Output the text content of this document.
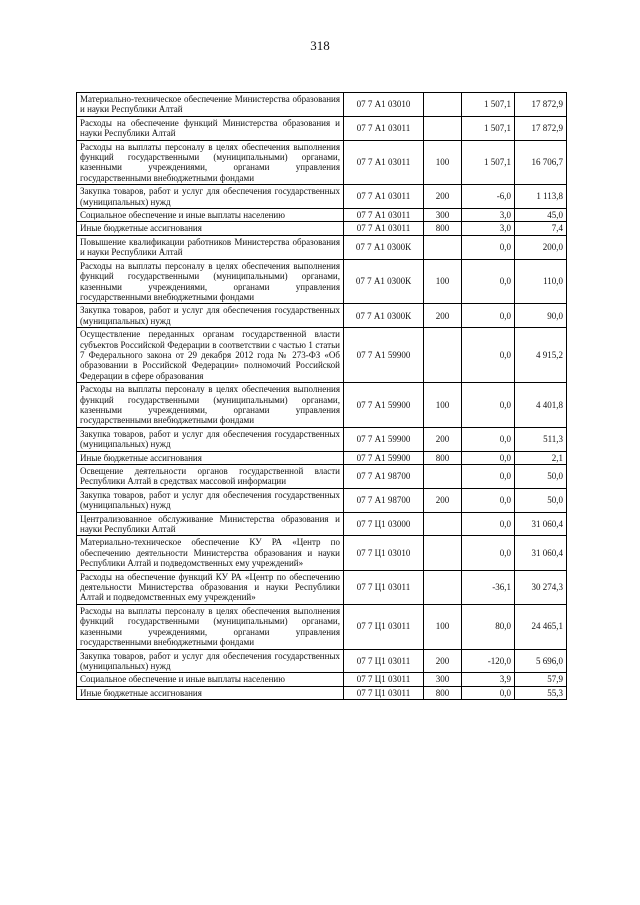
318
Материально-техническое обеспечение Министерства образования и науки Республики Алтай	07 7 А1 03010		1 507,1	17 872,9
Расходы на обеспечение функций Министерства образования и науки Республики Алтай	07 7 А1 03011		1 507,1	17 872,9
Расходы на выплаты персоналу в целях обеспечения выполнения функций государственными (муниципальными) органами, казенными учреждениями, органами управления государственными внебюджетными фондами	07 7 А1 03011	100	1 507,1	16 706,7
Закупка товаров, работ и услуг для обеспечения государственных (муниципальных) нужд	07 7 А1 03011	200	-6,0	1 113,8
Социальное обеспечение и иные выплаты населению	07 7 А1 03011	300	3,0	45,0
Иные бюджетные ассигнования	07 7 А1 03011	800	3,0	7,4
Повышение квалификации работников Министерства образования и науки Республики Алтай	07 7 А1 0300К		0,0	200,0
Расходы на выплаты персоналу в целях обеспечения выполнения функций государственными (муниципальными) органами, казенными учреждениями, органами управления государственными внебюджетными фондами	07 7 А1 0300К	100	0,0	110,0
Закупка товаров, работ и услуг для обеспечения государственных (муниципальных) нужд	07 7 А1 0300К	200	0,0	90,0
Осуществление переданных органам государственной власти субъектов Российской Федерации в соответствии с частью 1 статьи 7 Федерального закона от 29 декабря 2012 года № 273-ФЗ «Об образовании в Российской Федерации» полномочий Российской Федерации в сфере образования	07 7 А1 59900		0,0	4 915,2
Расходы на выплаты персоналу в целях обеспечения выполнения функций государственными (муниципальными) органами, казенными учреждениями, органами управления государственными внебюджетными фондами	07 7 А1 59900	100	0,0	4 401,8
Закупка товаров, работ и услуг для обеспечения государственных (муниципальных) нужд	07 7 А1 59900	200	0,0	511,3
Иные бюджетные ассигнования	07 7 А1 59900	800	0,0	2,1
Освещение деятельности органов государственной власти Республики Алтай в средствах массовой информации	07 7 А1 98700		0,0	50,0
Закупка товаров, работ и услуг для обеспечения государственных (муниципальных) нужд	07 7 А1 98700	200	0,0	50,0
Централизованное обслуживание Министерства образования и науки Республики Алтай	07 7 Ц1 03000		0,0	31 060,4
Материально-техническое обеспечение КУ РА «Центр по обеспечению деятельности Министерства образования и науки Республики Алтай и подведомственных ему учреждений»	07 7 Ц1 03010		0,0	31 060,4
Расходы на обеспечение функций КУ РА «Центр по обеспечению деятельности Министерства образования и науки Республики Алтай и подведомственных ему учреждений»	07 7 Ц1 03011		-36,1	30 274,3
Расходы на выплаты персоналу в целях обеспечения выполнения функций государственными (муниципальными) органами, казенными учреждениями, органами управления государственными внебюджетными фондами	07 7 Ц1 03011	100	80,0	24 465,1
Закупка товаров, работ и услуг для обеспечения государственных (муниципальных) нужд	07 7 Ц1 03011	200	-120,0	5 696,0
Социальное обеспечение и иные выплаты населению	07 7 Ц1 03011	300	3,9	57,9
Иные бюджетные ассигнования	07 7 Ц1 03011	800	0,0	55,3
